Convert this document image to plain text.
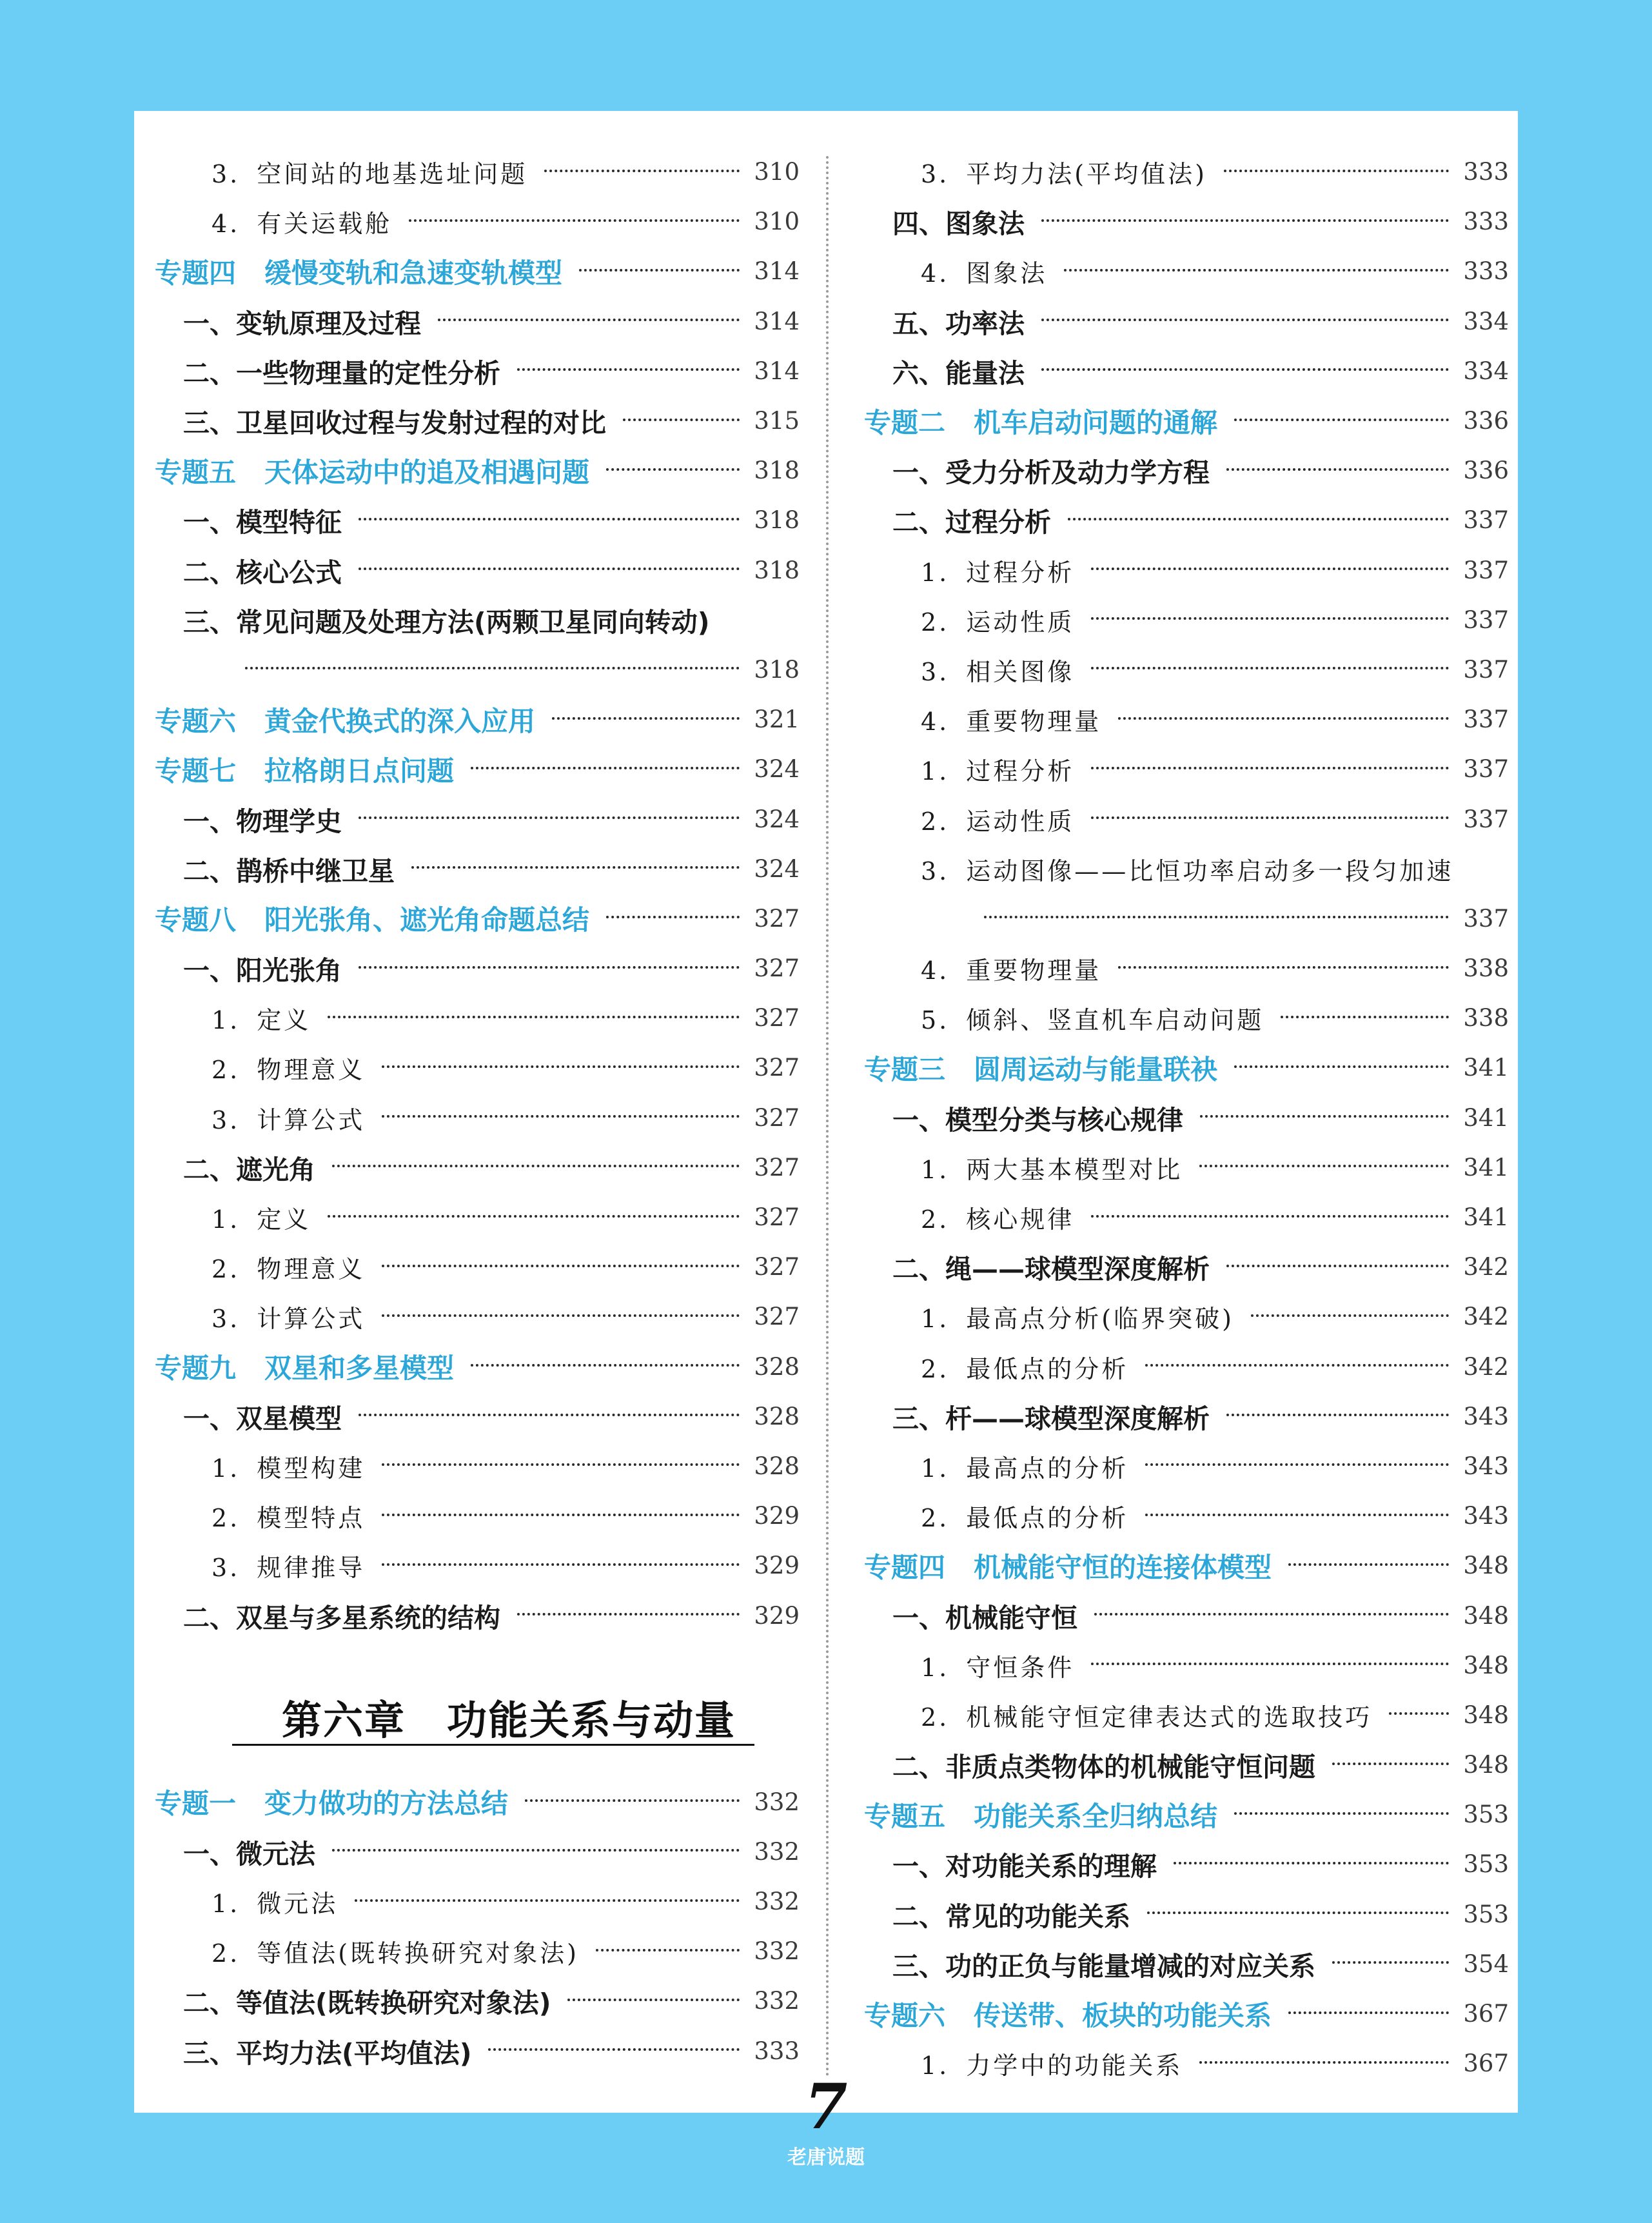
3. 空间站的地基选址问题	310
4. 有关运载舱	310
专题四 缓慢变轨和急速变轨模型	314
一、变轨原理及过程	314
二、一些物理量的定性分析	314
三、卫星回收过程与发射过程的对比	315
专题五 天体运动中的追及相遇问题	318
一、模型特征	318
二、核心公式	318
三、常见问题及处理方法(两颗卫星同向转动)
318
专题六 黄金代换式的深入应用	321
专题七 拉格朗日点问题	324
一、物理学史	324
二、鹊桥中继卫星	324
专题八 阳光张角、遮光角命题总结	327
一、阳光张角	327
1. 定义	327
2. 物理意义	327
3. 计算公式	327
二、遮光角	327
1. 定义	327
2. 物理意义	327
3. 计算公式	327
专题九 双星和多星模型	328
一、双星模型	328
1. 模型构建	328
2. 模型特点	329
3. 规律推导	329
二、双星与多星系统的结构	329
第六章　功能关系与动量
专题一 变力做功的方法总结	332
一、微元法	332
1. 微元法	332
2. 等值法(既转换研究对象法)	332
二、等值法(既转换研究对象法)	332
三、平均力法(平均值法)	333
3. 平均力法(平均值法)	333
四、图象法	333
4. 图象法	333
五、功率法	334
六、能量法	334
专题二 机车启动问题的通解	336
一、受力分析及动力学方程	336
二、过程分析	337
1. 过程分析	337
2. 运动性质	337
3. 相关图像	337
4. 重要物理量	337
1. 过程分析	337
2. 运动性质	337
3. 运动图像——比恒功率启动多一段匀加速
337
4. 重要物理量	338
5. 倾斜、竖直机车启动问题	338
专题三 圆周运动与能量联袂	341
一、模型分类与核心规律	341
1. 两大基本模型对比	341
2. 核心规律	341
二、绳——球模型深度解析	342
1. 最高点分析(临界突破)	342
2. 最低点的分析	342
三、杆——球模型深度解析	343
1. 最高点的分析	343
2. 最低点的分析	343
专题四 机械能守恒的连接体模型	348
一、机械能守恒	348
1. 守恒条件	348
2. 机械能守恒定律表达式的选取技巧	348
二、非质点类物体的机械能守恒问题	348
专题五 功能关系全归纳总结	353
一、对功能关系的理解	353
二、常见的功能关系	353
三、功的正负与能量增减的对应关系	354
专题六 传送带、板块的功能关系	367
1. 力学中的功能关系	367
7
老唐说题
